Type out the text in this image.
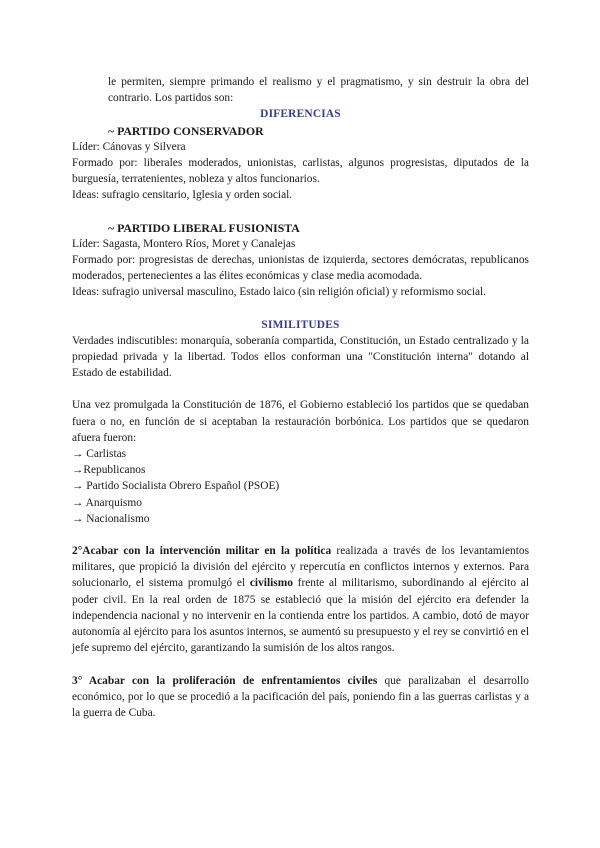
le permiten, siempre primando el realismo y el pragmatismo, y sin destruir la obra del contrario. Los partidos son:

DIFERENCIAS

~ PARTIDO CONSERVADOR

Líder: Cánovas y Silvera

Formado por: liberales moderados, unionistas, carlistas, algunos progresistas, diputados de la burguesía, terratenientes, nobleza y altos funcionarios.

Ideas: sufragio censitario, Iglesia y orden social.

~ PARTIDO LIBERAL FUSIONISTA

Líder: Sagasta, Montero Ríos, Moret y Canalejas

Formado por: progresistas de derechas, unionistas de izquierda, sectores demócratas, republicanos moderados, pertenecientes a las élites económicas y clase media acomodada.

Ideas: sufragio universal masculino, Estado laico (sin religión oficial) y reformismo social.

SIMILITUDES

Verdades indiscutibles: monarquía, soberanía compartida, Constitución, un Estado centralizado y la propiedad privada y la libertad. Todos ellos conforman una "Constitución interna" dotando al Estado de estabilidad.

Una vez promulgada la Constitución de 1876, el Gobierno estableció los partidos que se quedaban fuera o no, en función de si aceptaban la restauración borbónica. Los partidos que se quedaron afuera fueron:

→ Carlistas

→Republicanos

→ Partido Socialista Obrero Español (PSOE)

→ Anarquismo

→ Nacionalismo

2°Acabar con la intervención militar en la política realizada a través de los levantamientos militares, que propició la división del ejército y repercutía en conflictos internos y externos. Para solucionarlo, el sistema promulgó el civilismo frente al militarismo, subordinando al ejército al poder civil. En la real orden de 1875 se estableció que la misión del ejército era defender la independencia nacional y no intervenir en la contienda entre los partidos. A cambio, dotó de mayor autonomía al ejército para los asuntos internos, se aumentó su presupuesto y el rey se convirtió en el jefe supremo del ejército, garantizando la sumisión de los altos rangos.

3° Acabar con la proliferación de enfrentamientos civiles que paralizaban el desarrollo económico, por lo que se procedió a la pacificación del país, poniendo fin a las guerras carlistas y a la guerra de Cuba.
